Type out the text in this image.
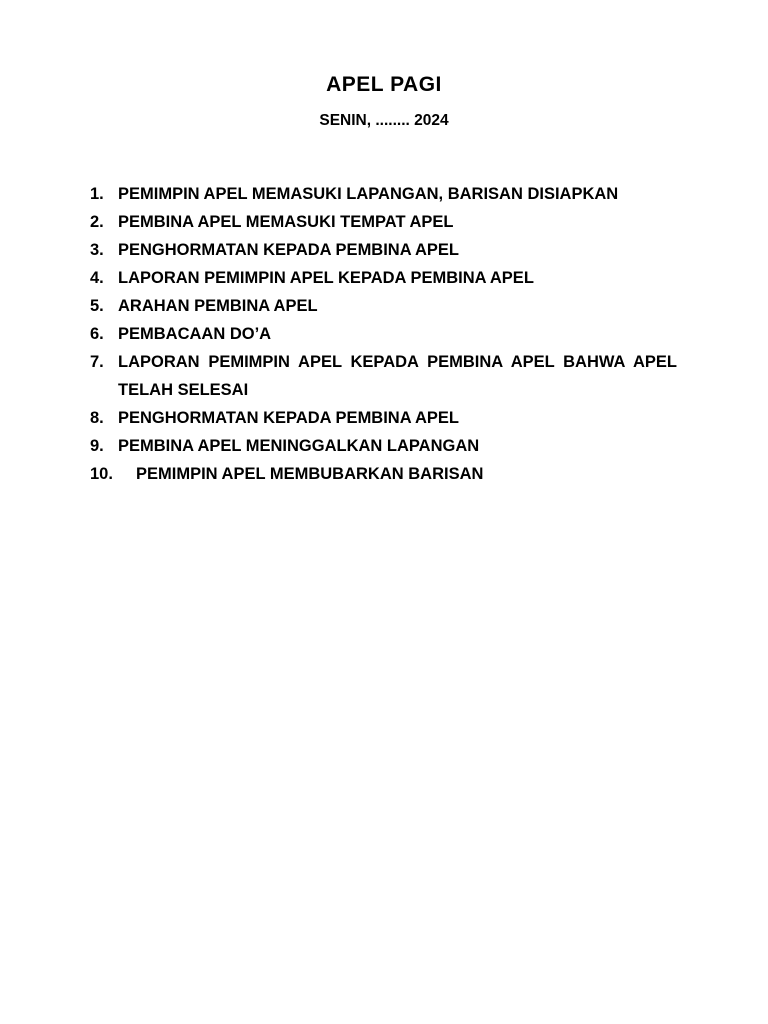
APEL PAGI
SENIN, ........ 2024
1. PEMIMPIN APEL MEMASUKI LAPANGAN, BARISAN DISIAPKAN
2. PEMBINA APEL MEMASUKI TEMPAT APEL
3. PENGHORMATAN KEPADA PEMBINA APEL
4. LAPORAN PEMIMPIN APEL KEPADA PEMBINA APEL
5. ARAHAN PEMBINA APEL
6. PEMBACAAN DO’A
7. LAPORAN PEMIMPIN APEL KEPADA PEMBINA APEL BAHWA APEL TELAH SELESAI
8. PENGHORMATAN KEPADA PEMBINA APEL
9. PEMBINA APEL MENINGGALKAN LAPANGAN
10.	PEMIMPIN APEL MEMBUBARKAN BARISAN
